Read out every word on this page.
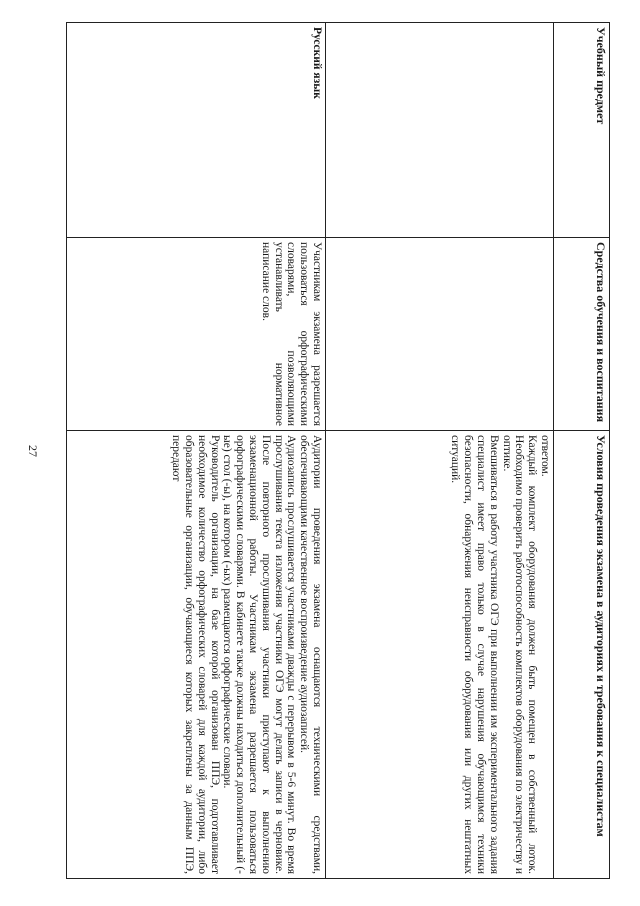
27
Учебный предмет	Средства обучения и воспитания	Условия проведения экзамена в аудиториях и требования к специалистам

		ответом.

Каждый комплект оборудования должен быть помещен в собственный лоток. Необходимо проверить работоспособность комплектов оборудования по электричеству и оптике.

Вмешиваться в работу участника ОГЭ при выполнении им экспериментального задания специалист имеет право только в случае нарушения обучающимся техники безопасности, обнаружения неисправности оборудования или других нештатных ситуаций.

Русский язык	Участникам экзамена разрешается пользоваться орфографическими словарями, позволяющими устанавливать нормативное написание слов.	Аудитории проведения экзамена оснащаются техническими средствами, обеспечивающими качественное воспроизведение аудиозаписей.

Аудиозапись прослушивается участниками дважды с перерывом в 5-6 минут. Во время прослушивания текста изложения участники ОГЭ могут делать записи в черновике. После повторного прослушивания участники приступают к выполнению экзаменационной работы. Участникам экзамена разрешается пользоваться орфографическими словарями. В кабинете также должны находиться дополнительный (-ые) стол (-ы), на котором (-ых) размещаются орфографические словари.

Руководитель организации, на базе которой организован ППЭ, подготавливает необходимое количество орфографических словарей для каждой аудитории, либо образовательные организации, обучающиеся которых закреплены за данным ППЭ, передают
